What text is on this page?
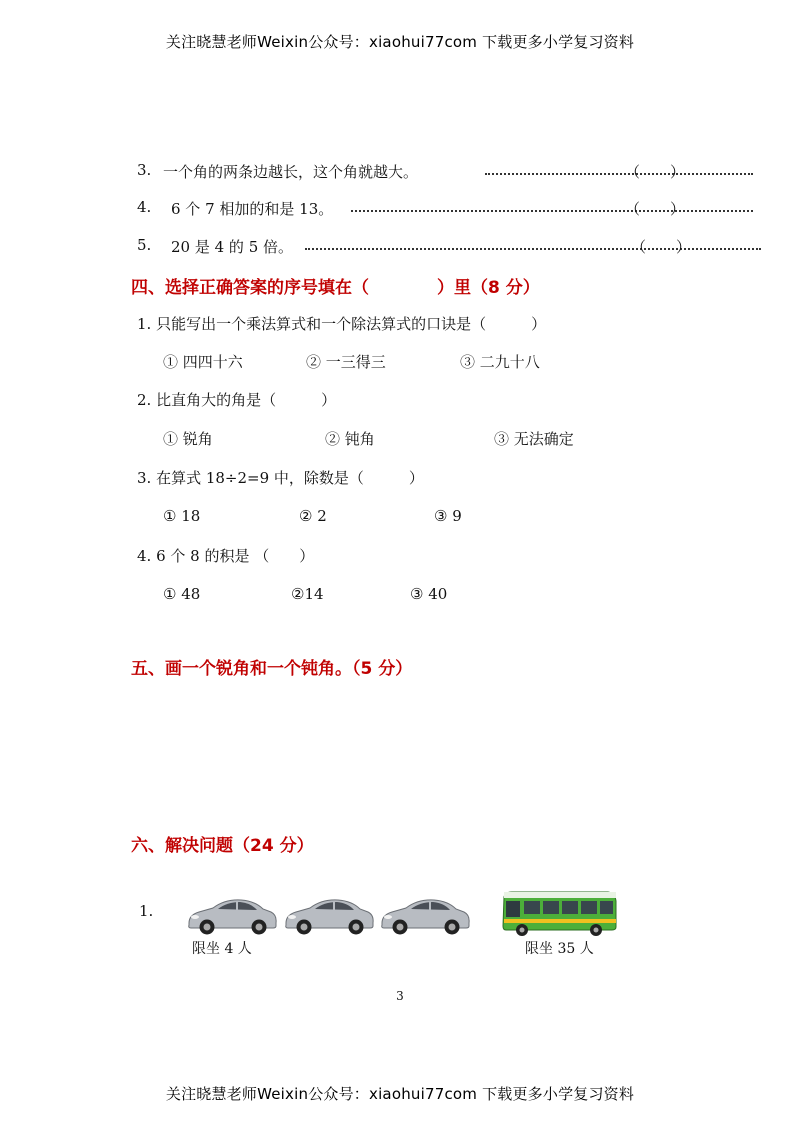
关注晓慧老师Weixin公众号：xiaohui77com 下载更多小学复习资料
3. 一个角的两条边越长，这个角就越大。	（　　）
4. 6 个 7 相加的和是 13。	（　　）
5. 20 是 4 的 5 倍。	（　　）
四、选择正确答案的序号填在（　　　　）里（8 分）
1. 只能写出一个乘法算式和一个除法算式的口诀是（　　　）
① 四四十六	② 一三得三	③ 二九十八
2. 比直角大的角是（　　　）
① 锐角	② 钝角	③ 无法确定
3. 在算式 18÷2=9 中，除数是（　　　）
① 18	② 2	③ 9
4. 6 个 8 的积是 （　　）
① 48	②14	③ 40
五、画一个锐角和一个钝角。（5 分）
六、解决问题（24 分）
1.
限坐 4 人	限坐 35 人
3
关注晓慧老师Weixin公众号：xiaohui77com 下载更多小学复习资料
